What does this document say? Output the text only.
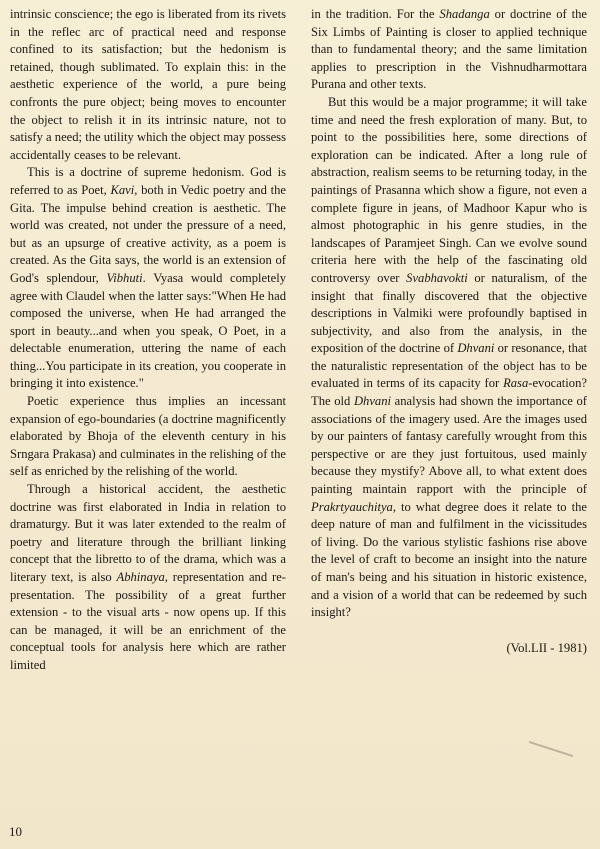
intrinsic conscience; the ego is liberated from its rivets in the reflec arc of practical need and response confined to its satisfaction; but the hedonism is retained, though sublimated. To explain this: in the aesthetic experience of the world, a pure being confronts the pure object; being moves to encounter the object to relish it in its intrinsic nature, not to satisfy a need; the utility which the object may possess accidentally ceases to be relevant.

This is a doctrine of supreme hedonism. God is referred to as Poet, Kavi, both in Vedic poetry and the Gita. The impulse behind creation is aesthetic. The world was created, not under the pressure of a need, but as an upsurge of creative activity, as a poem is created. As the Gita says, the world is an extension of God's splendour, Vibhuti. Vyasa would completely agree with Claudel when the latter says:"When He had composed the universe, when He had arranged the sport in beauty...and when you speak, O Poet, in a delectable enumeration, uttering the name of each thing...You participate in its creation, you cooperate in bringing it into existence."

Poetic experience thus implies an incessant expansion of ego-boundaries (a doctrine magnificently elaborated by Bhoja of the eleventh century in his Srngara Prakasa) and culminates in the relishing of the self as enriched by the relishing of the world.

Through a historical accident, the aesthetic doctrine was first elaborated in India in relation to dramaturgy. But it was later extended to the realm of poetry and literature through the brilliant linking concept that the libretto to of the drama, which was a literary text, is also Abhinaya, representation and re-presentation. The possibility of a great further extension - to the visual arts - now opens up. If this can be managed, it will be an enrichment of the conceptual tools for analysis here which are rather limited

in the tradition. For the Shadanga or doctrine of the Six Limbs of Painting is closer to applied technique than to fundamental theory; and the same limitation applies to prescription in the Vishnudharmottara Purana and other texts.

But this would be a major programme; it will take time and need the fresh exploration of many. But, to point to the possibilities here, some directions of exploration can be indicated. After a long rule of abstraction, realism seems to be returning today, in the paintings of Prasanna which show a figure, not even a complete figure in jeans, of Madhoor Kapur who is almost photographic in his genre studies, in the landscapes of Paramjeet Singh. Can we evolve sound criteria here with the help of the fascinating old controversy over Svabhavokti or naturalism, of the insight that finally discovered that the objective descriptions in Valmiki were profoundly baptised in subjectivity, and also from the analysis, in the exposition of the doctrine of Dhvani or resonance, that the naturalistic representation of the object has to be evaluated in terms of its capacity for Rasa-evocation? The old Dhvani analysis had shown the importance of associations of the imagery used. Are the images used by our painters of fantasy carefully wrought from this perspective or are they just fortuitous, used mainly because they mystify? Above all, to what extent does painting maintain rapport with the principle of Prakrtyauchitya, to what degree does it relate to the deep nature of man and fulfilment in the vicissitudes of living. Do the various stylistic fashions rise above the level of craft to become an insight into the nature of man's being and his situation in historic existence, and a vision of a world that can be redeemed by such insight?

(Vol.LII - 1981)

10
